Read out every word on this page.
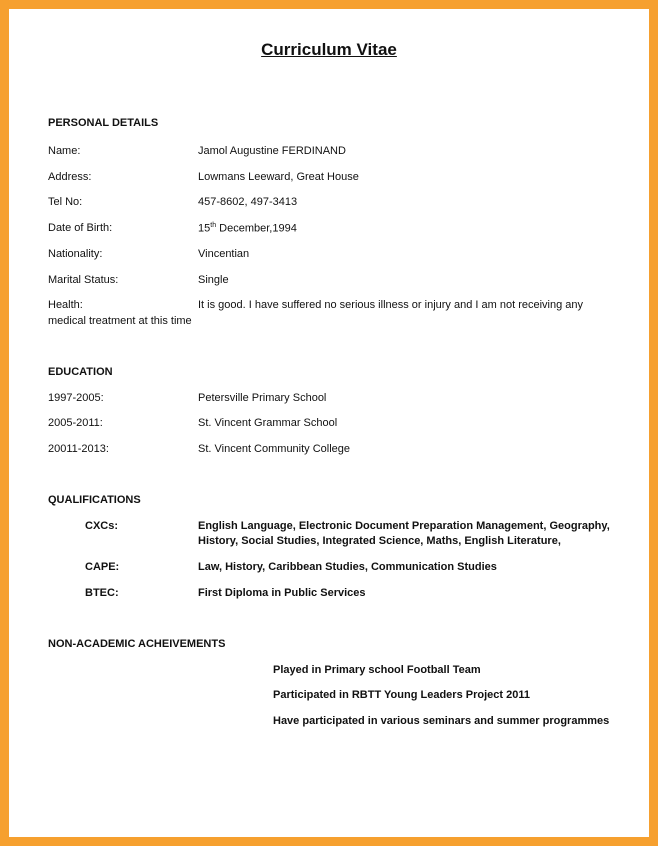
Curriculum Vitae
PERSONAL DETAILS
Name:	Jamol Augustine FERDINAND
Address:	Lowmans Leeward, Great House
Tel No:	457-8602, 497-3413
Date of Birth:	15th December,1994
Nationality:	Vincentian
Marital Status:	Single
Health:	It is good. I have suffered no serious illness or injury and I am not receiving any
medical treatment at this time
EDUCATION
1997-2005:	Petersville Primary School
2005-2011:	St. Vincent Grammar School
20011-2013:	St. Vincent Community College
QUALIFICATIONS
CXCs:	English Language, Electronic Document Preparation Management, Geography, History, Social Studies, Integrated Science, Maths, English Literature,
CAPE:	Law, History, Caribbean Studies, Communication Studies
BTEC:	First Diploma in Public Services
NON-ACADEMIC ACHEIVEMENTS
Played in Primary school Football Team
Participated in RBTT Young Leaders Project 2011
Have participated in various seminars and summer programmes
